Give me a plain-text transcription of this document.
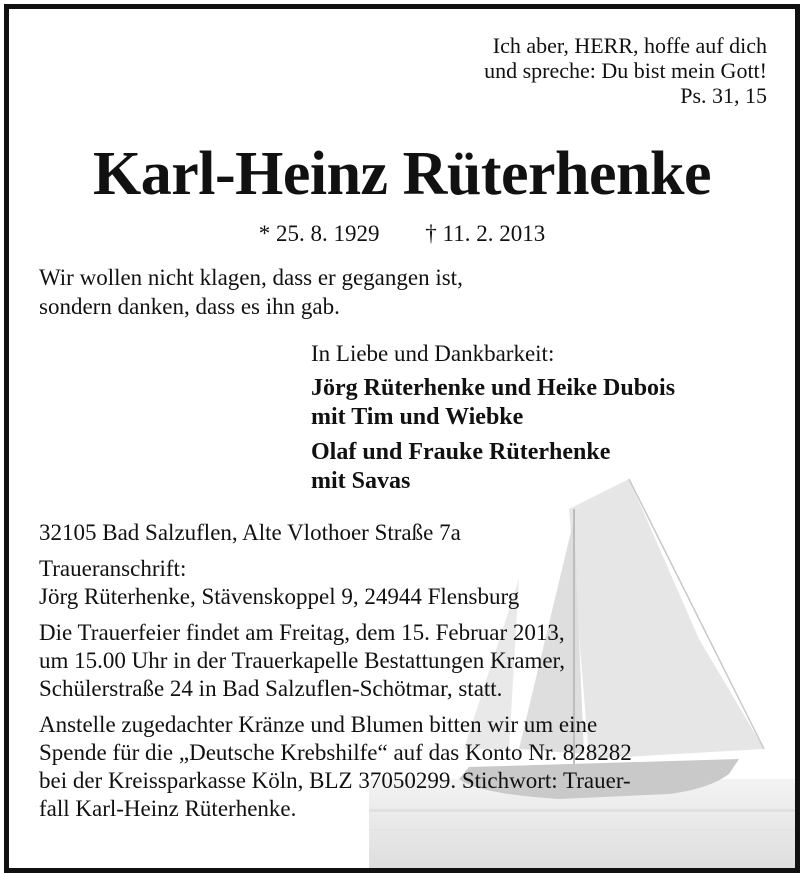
Ich aber, HERR, hoffe auf dich
und spreche: Du bist mein Gott!
Ps. 31, 15
Karl-Heinz Rüterhenke
* 25. 8. 1929 † 11. 2. 2013
Wir wollen nicht klagen, dass er gegangen ist,
sondern danken, dass es ihn gab.
In Liebe und Dankbarkeit:
Jörg Rüterhenke und Heike Dubois
mit Tim und Wiebke
Olaf und Frauke Rüterhenke
mit Savas

32105 Bad Salzuflen, Alte Vlothoer Straße 7a

Traueranschrift:
Jörg Rüterhenke, Stävenskoppel 9, 24944 Flensburg

Die Trauerfeier findet am Freitag, dem 15. Februar 2013,
um 15.00 Uhr in der Trauerkapelle Bestattungen Kramer,
Schülerstraße 24 in Bad Salzuflen-Schötmar, statt.

Anstelle zugedachter Kränze und Blumen bitten wir um eine
Spende für die „Deutsche Krebshilfe“ auf das Konto Nr. 828282
bei der Kreissparkasse Köln, BLZ 37050299. Stichwort: Trauer-
fall Karl-Heinz Rüterhenke.
